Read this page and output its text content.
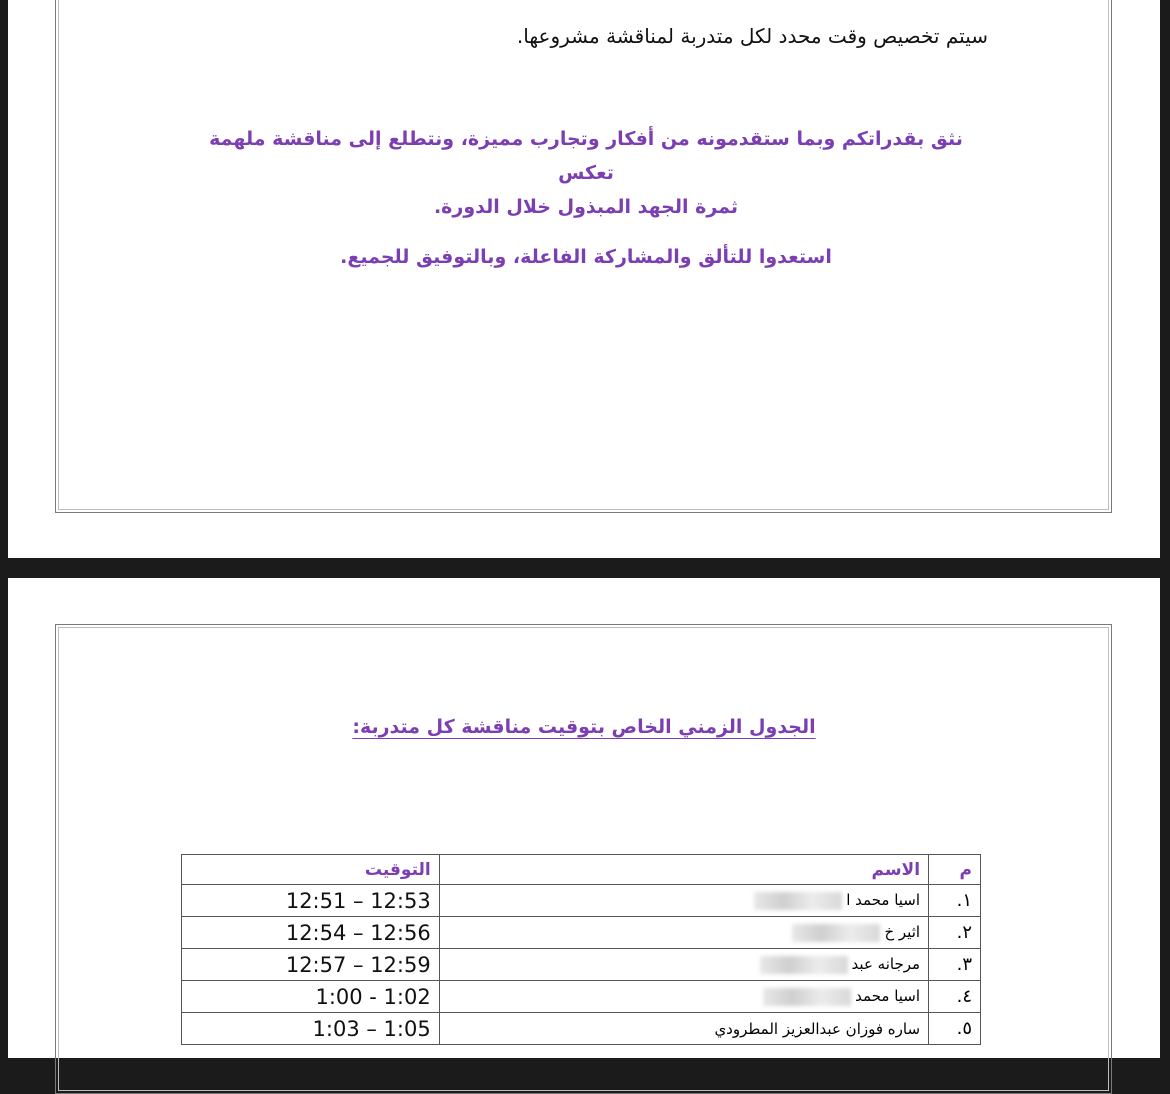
سيتم تخصيص وقت محدد لكل متدربة لمناقشة مشروعها.

نثق بقدراتكم وبما ستقدمونه من أفكار وتجارب مميزة، ونتطلع إلى مناقشة ملهمة تعكس

ثمرة الجهد المبذول خلال الدورة.

استعدوا للتألق والمشاركة الفاعلة، وبالتوفيق للجميع.

الجدول الزمني الخاص بتوقيت مناقشة كل متدربة:
م	الاسم	التوقيت
١.	اسيا محمد ا	12:51 – 12:53
٢.	اثير خ	12:54 – 12:56
٣.	مرجانه عبد	12:57 – 12:59
٤.	اسيا محمد	1:00 - 1:02
٥.	ساره فوزان عبدالعزيز المطرودي	1:03 – 1:05
